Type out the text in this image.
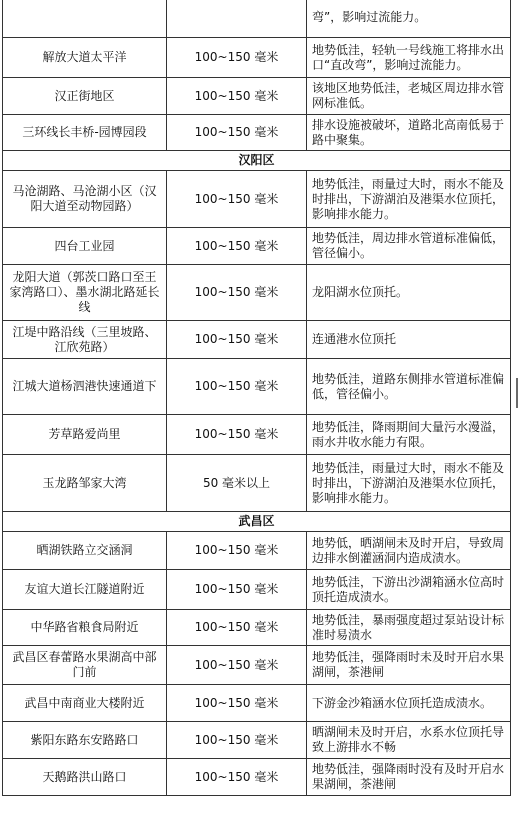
		弯”，影响过流能力。
解放大道太平洋	100~150 毫米	地势低洼，轻轨一号线施工将排水出口“直改弯”，影响过流能力。
汉正街地区	100~150 毫米	该地区地势低洼，老城区周边排水管网标准低。
三环线长丰桥-园博园段	100~150 毫米	排水设施被破坏，道路北高南低易于路中聚集。
汉阳区		
马沧湖路、马沧湖小区（汉阳大道至动物园路）	100~150 毫米	地势低洼，雨量过大时，雨水不能及时排出，下游湖泊及港渠水位顶托，影响排水能力。
四台工业园	100~150 毫米	地势低洼，周边排水管道标准偏低，管径偏小。
龙阳大道（郭茨口路口至王家湾路口）、墨水湖北路延长线	100~150 毫米	龙阳湖水位顶托。
江堤中路沿线（三里坡路、江欣苑路）	100~150 毫米	连通港水位顶托
江城大道杨泗港快速通道下	100~150 毫米	地势低洼，道路东侧排水管道标准偏低，管径偏小。
芳草路爱尚里	100~150 毫米	地势低洼，降雨期间大量污水漫溢，雨水井收水能力有限。
玉龙路邹家大湾	50 毫米以上	地势低洼，雨量过大时，雨水不能及时排出，下游湖泊及港渠水位顶托，影响排水能力。
武昌区		
晒湖铁路立交涵洞	100~150 毫米	地势低，晒湖闸未及时开启，导致周边排水倒灌涵洞内造成渍水。
友谊大道长江隧道附近	100~150 毫米	地势低洼，下游出沙湖箱涵水位高时顶托造成渍水。
中华路省粮食局附近	100~150 毫米	地势低洼，暴雨强度超过泵站设计标准时易渍水
武昌区春蕾路水果湖高中部门前	100~150 毫米	地势低洼，强降雨时未及时开启水果湖闸，茶港闸
武昌中南商业大楼附近	100~150 毫米	下游金沙箱涵水位顶托造成渍水。
紫阳东路东安路路口	100~150 毫米	晒湖闸未及时开启，水系水位顶托导致上游排水不畅
天鹅路洪山路口	100~150 毫米	地势低洼，强降雨时没有及时开启水果湖闸，茶港闸
